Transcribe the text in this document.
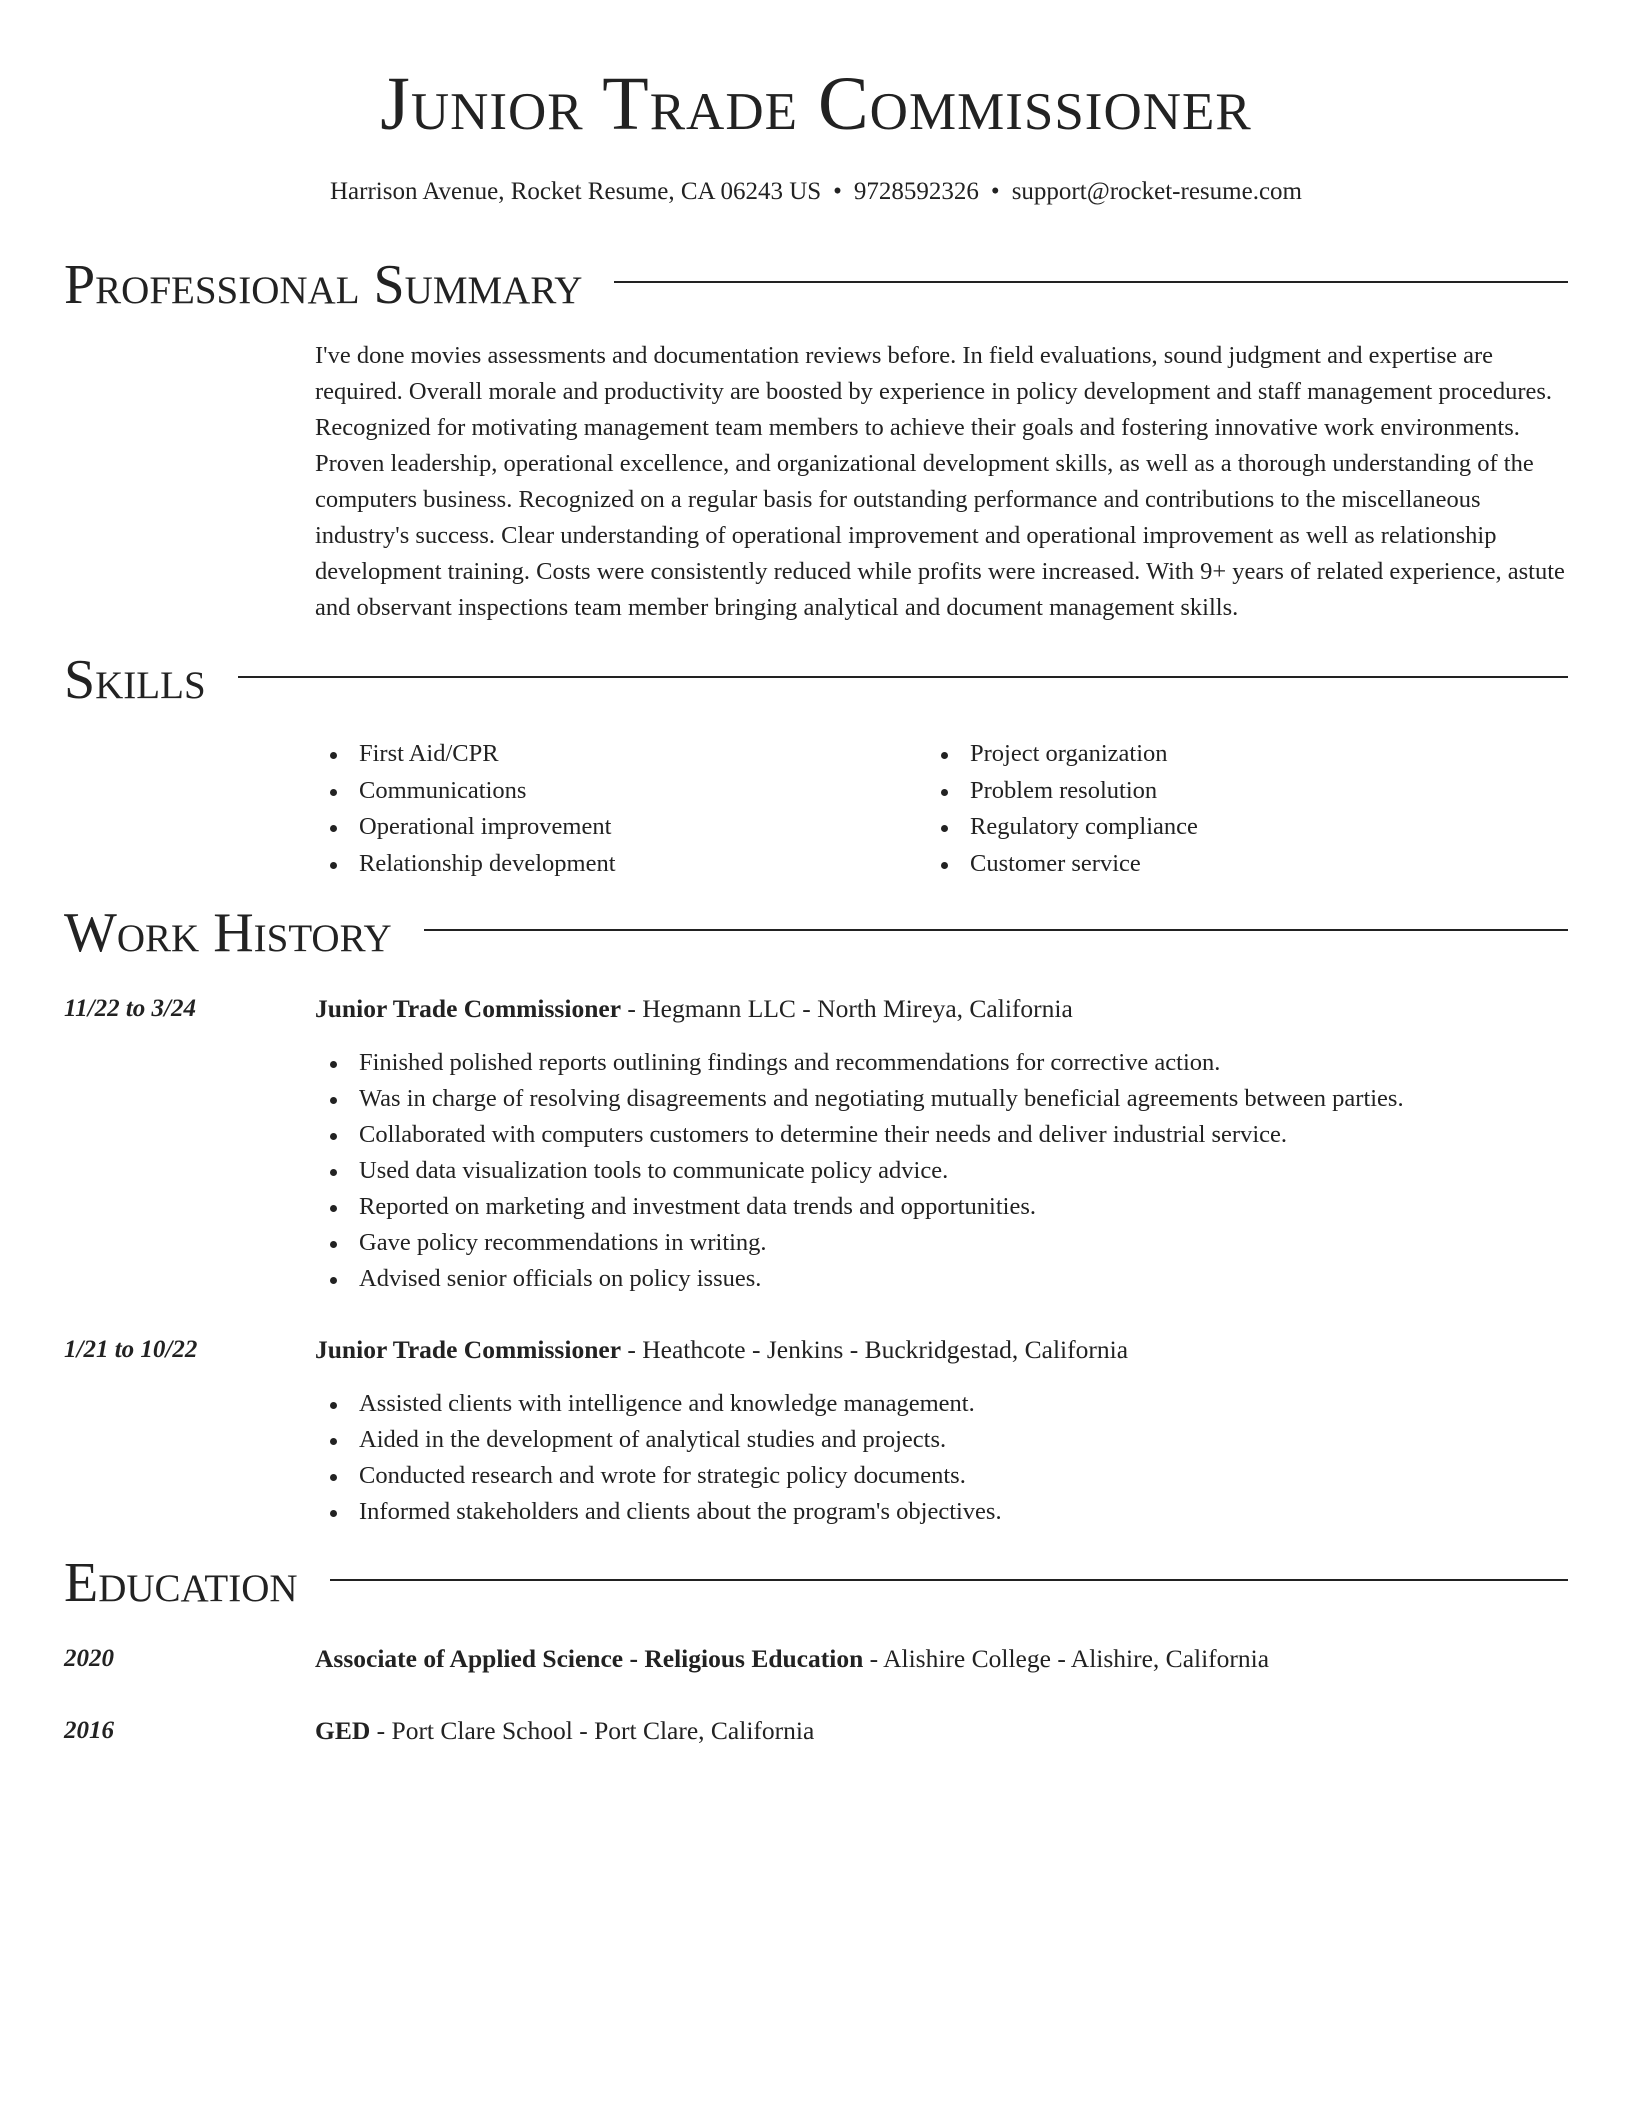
Junior Trade Commissioner
Harrison Avenue, Rocket Resume, CA 06243 US • 9728592326 • support@rocket-resume.com
Professional Summary

I've done movies assessments and documentation reviews before. In field evaluations, sound judgment and expertise are required. Overall morale and productivity are boosted by experience in policy development and staff management procedures. Recognized for motivating management team members to achieve their goals and fostering innovative work environments. Proven leadership, operational excellence, and organizational development skills, as well as a thorough understanding of the computers business. Recognized on a regular basis for outstanding performance and contributions to the miscellaneous industry's success. Clear understanding of operational improvement and operational improvement as well as relationship development training. Costs were consistently reduced while profits were increased. With 9+ years of related experience, astute and observant inspections team member bringing analytical and document management skills.

Skills
First Aid/CPR
Communications
Operational improvement
Relationship development
Project organization
Problem resolution
Regulatory compliance
Customer service
Work History
11/22 to 3/24	Junior Trade Commissioner - Hegmann LLC - North Mireya, California
Finished polished reports outlining findings and recommendations for corrective action.
Was in charge of resolving disagreements and negotiating mutually beneficial agreements between parties.
Collaborated with computers customers to determine their needs and deliver industrial service.
Used data visualization tools to communicate policy advice.
Reported on marketing and investment data trends and opportunities.
Gave policy recommendations in writing.
Advised senior officials on policy issues.
1/21 to 10/22	Junior Trade Commissioner - Heathcote - Jenkins - Buckridgestad, California
Assisted clients with intelligence and knowledge management.
Aided in the development of analytical studies and projects.
Conducted research and wrote for strategic policy documents.
Informed stakeholders and clients about the program's objectives.
Education
2020	Associate of Applied Science - Religious Education - Alishire College - Alishire, California
2016	GED - Port Clare School - Port Clare, California
